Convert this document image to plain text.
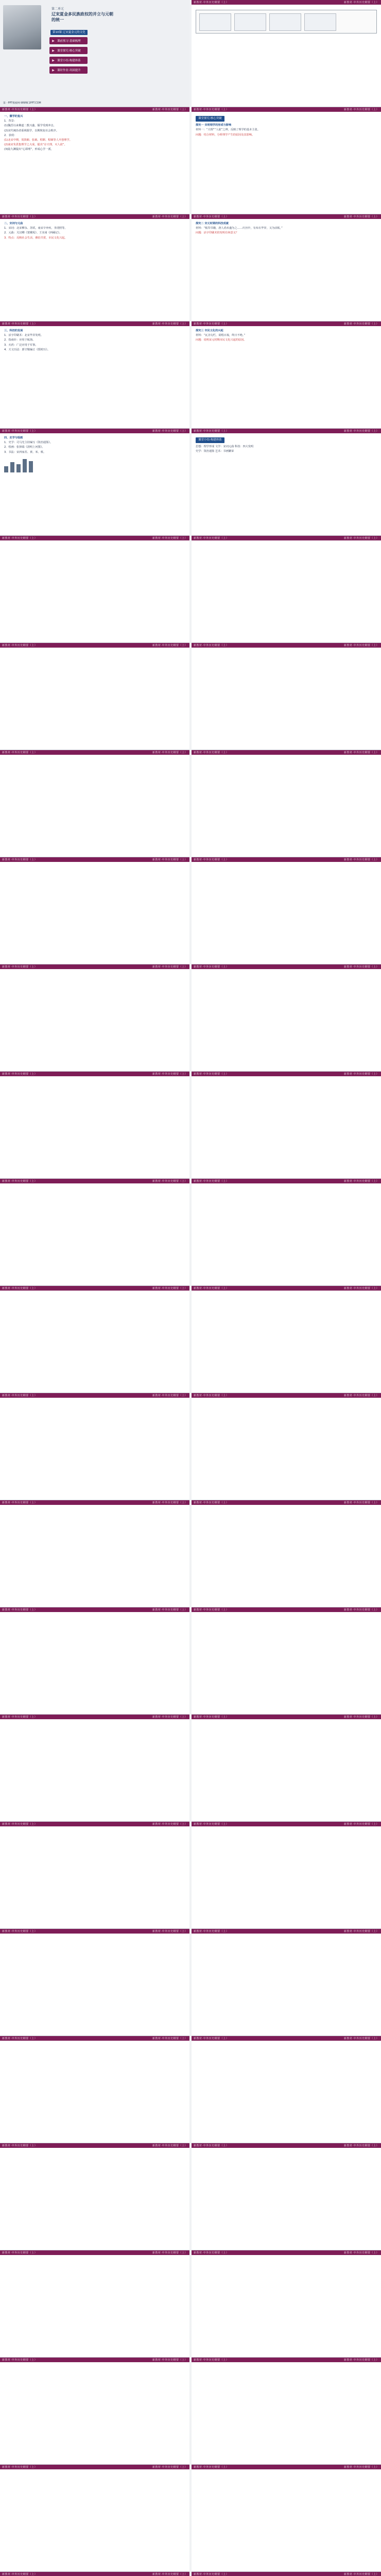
第二单元
辽宋夏金多民族政权的并立与元朝的统一
第10课 辽宋夏金元的文化
▶ 课前预习·基础梳理
▶ 课堂探究·核心突破
▶ 课堂小结·构建体系
▶ 课时作业·巩固提升
第一PPT模板网-WWW.1PPT.COM
新教材·中外历史纲要（上）	新教材·中外历史纲要（上）

一、儒学的复兴

1．背景：

(1)魏晋以来佛道二教兴盛，儒学受到冲击。

(2)宋代统治者重视儒学，以期恢复社会秩序。

2．表现：

(1)北宋中期，周敦颐、张载、程颢、程颐等人开创理学。

(2)南宋朱熹集理学之大成，提出“存天理，灭人欲”。

(3)陆九渊提出“心即理”，形成心学一派。

新教材·中外历史纲要（上）	新教材·中外历史纲要（上）

二、宋词与元曲

1．宋词：北宋柳永、苏轼，南宋辛弃疾、李清照等。

2．元曲：关汉卿《窦娥冤》、王实甫《西厢记》。

3．特点：反映社会生活，雅俗共赏，市民文化兴起。

新教材·中外历史纲要（上）	新教材·中外历史纲要（上）

三、科技的发展

1．活字印刷术：北宋毕昇发明。

2．指南针：应用于航海。

3．火药：广泛应用于军事。

4．天文历法：郭守敬编订《授时历》。

新教材·中外历史纲要（上）	新教材·中外历史纲要（上）

四、史学与绘画

1．史学：司马光主持编写《资治通鉴》。

2．绘画：张择端《清明上河图》。

3．书法：宋四家苏、黄、米、蔡。

新教材·中外历史纲要（上）	新教材·中外历史纲要（上）
新教材·中外历史纲要（上）	新教材·中外历史纲要（上）
新教材·中外历史纲要（上）	新教材·中外历史纲要（上）
新教材·中外历史纲要（上）	新教材·中外历史纲要（上）
新教材·中外历史纲要（上）	新教材·中外历史纲要（上）
新教材·中外历史纲要（上）	新教材·中外历史纲要（上）
新教材·中外历史纲要（上）	新教材·中外历史纲要（上）
新教材·中外历史纲要（上）	新教材·中外历史纲要（上）
新教材·中外历史纲要（上）	新教材·中外历史纲要（上）
新教材·中外历史纲要（上）	新教材·中外历史纲要（上）
新教材·中外历史纲要（上）	新教材·中外历史纲要（上）
新教材·中外历史纲要（上）	新教材·中外历史纲要（上）
新教材·中外历史纲要（上）	新教材·中外历史纲要（上）
新教材·中外历史纲要（上）	新教材·中外历史纲要（上）
新教材·中外历史纲要（上）	新教材·中外历史纲要（上）
新教材·中外历史纲要（上）	新教材·中外历史纲要（上）
新教材·中外历史纲要（上）	新教材·中外历史纲要（上）
新教材·中外历史纲要（上）	新教材·中外历史纲要（上）
新教材·中外历史纲要（上）	新教材·中外历史纲要（上）
新教材·中外历史纲要（上）	新教材·中外历史纲要（上）
新教材·中外历史纲要（上）	新教材·中外历史纲要（上）
新教材·中外历史纲要（上）	新教材·中外历史纲要（上）
课堂探究·核心突破

探究一 宋明理学的形成与影响

材料一：“天理”“人欲”之辨，反映了理学的基本主张。

问题：结合材料，分析理学产生的原因及其影响。

新教材·中外历史纲要（上）	新教材·中外历史纲要（上）

探究二 宋元时期的科技成就

材料：“板印书籍，唐人尚未盛为之……庆历中，有布衣毕昇，又为活板。”

问题：活字印刷术的发明有何意义？

新教材·中外历史纲要（上）	新教材·中外历史纲要（上）

探究三 市民文化的兴起

材料：“瓦舍勾栏，说唱百戏，终日不绝。”

问题：说明宋元时期市民文化兴起的原因。

新教材·中外历史纲要（上）	新教材·中外历史纲要（上）
课堂小结·构建体系

思想：理学形成 文学：宋词元曲 科技：四大发明

史学：资治通鉴 艺术：书画繁荣

新教材·中外历史纲要（上）	新教材·中外历史纲要（上）
新教材·中外历史纲要（上）	新教材·中外历史纲要（上）
新教材·中外历史纲要（上）	新教材·中外历史纲要（上）
新教材·中外历史纲要（上）	新教材·中外历史纲要（上）
新教材·中外历史纲要（上）	新教材·中外历史纲要（上）
新教材·中外历史纲要（上）	新教材·中外历史纲要（上）
新教材·中外历史纲要（上）	新教材·中外历史纲要（上）
新教材·中外历史纲要（上）	新教材·中外历史纲要（上）
新教材·中外历史纲要（上）	新教材·中外历史纲要（上）
新教材·中外历史纲要（上）	新教材·中外历史纲要（上）
新教材·中外历史纲要（上）	新教材·中外历史纲要（上）
新教材·中外历史纲要（上）	新教材·中外历史纲要（上）
新教材·中外历史纲要（上）	新教材·中外历史纲要（上）
新教材·中外历史纲要（上）	新教材·中外历史纲要（上）
新教材·中外历史纲要（上）	新教材·中外历史纲要（上）
新教材·中外历史纲要（上）	新教材·中外历史纲要（上）
新教材·中外历史纲要（上）	新教材·中外历史纲要（上）
新教材·中外历史纲要（上）	新教材·中外历史纲要（上）
新教材·中外历史纲要（上）	新教材·中外历史纲要（上）
新教材·中外历史纲要（上）	新教材·中外历史纲要（上）
